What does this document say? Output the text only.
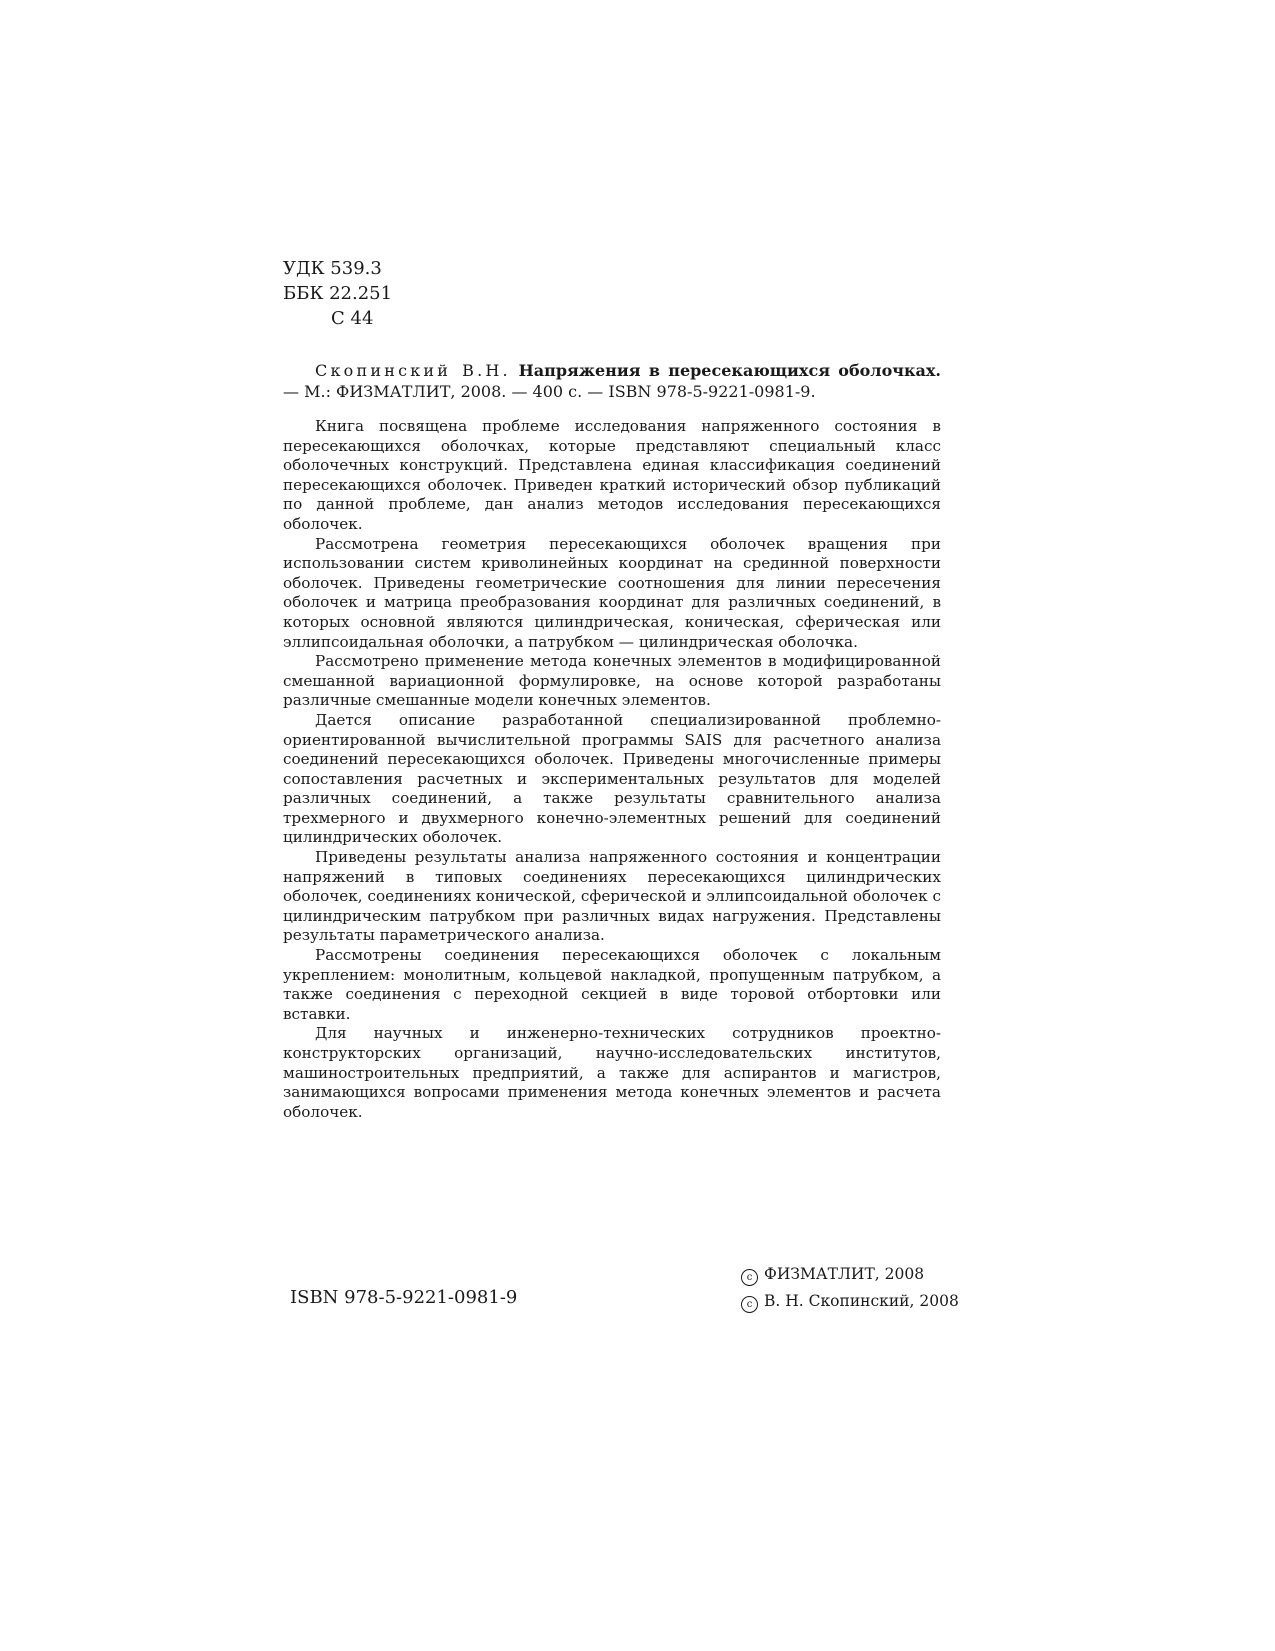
УДК 539.3
ББК 22.251
С 44
Скопинский В.Н. Напряжения в пересекающихся оболочках. — М.: ФИЗМАТЛИТ, 2008. — 400 с. — ISBN 978-5-9221-0981-9.

Книга посвящена проблеме исследования напряженного состояния в пересекающихся оболочках, которые представляют специальный класс оболочечных конструкций. Представлена единая классификация соединений пересекающихся оболочек. Приведен краткий исторический обзор публикаций по данной проблеме, дан анализ методов исследования пересекающихся оболочек.

Рассмотрена геометрия пересекающихся оболочек вращения при использовании систем криволинейных координат на срединной поверхности оболочек. Приведены геометрические соотношения для линии пересечения оболочек и матрица преобразования координат для различных соединений, в которых основной являются цилиндрическая, коническая, сферическая или эллипсоидальная оболочки, а патрубком — цилиндрическая оболочка.

Рассмотрено применение метода конечных элементов в модифицированной смешанной вариационной формулировке, на основе которой разработаны различные смешанные модели конечных элементов.

Дается описание разработанной специализированной проблемно-ориентированной вычислительной программы SAIS для расчетного анализа соединений пересекающихся оболочек. Приведены многочисленные примеры сопоставления расчетных и экспериментальных результатов для моделей различных соединений, а также результаты сравнительного анализа трехмерного и двухмерного конечно-элементных решений для соединений цилиндрических оболочек.

Приведены результаты анализа напряженного состояния и концентрации напряжений в типовых соединениях пересекающихся цилиндрических оболочек, соединениях конической, сферической и эллипсоидальной оболочек с цилиндрическим патрубком при различных видах нагружения. Представлены результаты параметрического анализа.

Рассмотрены соединения пересекающихся оболочек с локальным укреплением: монолитным, кольцевой накладкой, пропущенным патрубком, а также соединения с переходной секцией в виде торовой отбортовки или вставки.

Для научных и инженерно-технических сотрудников проектно-конструкторских организаций, научно-исследовательских институтов, машиностроительных предприятий, а также для аспирантов и магистров, занимающихся вопросами применения метода конечных элементов и расчета оболочек.

ISBN 978-5-9221-0981-9
c ФИЗМАТЛИТ, 2008
c В. Н. Скопинский, 2008
